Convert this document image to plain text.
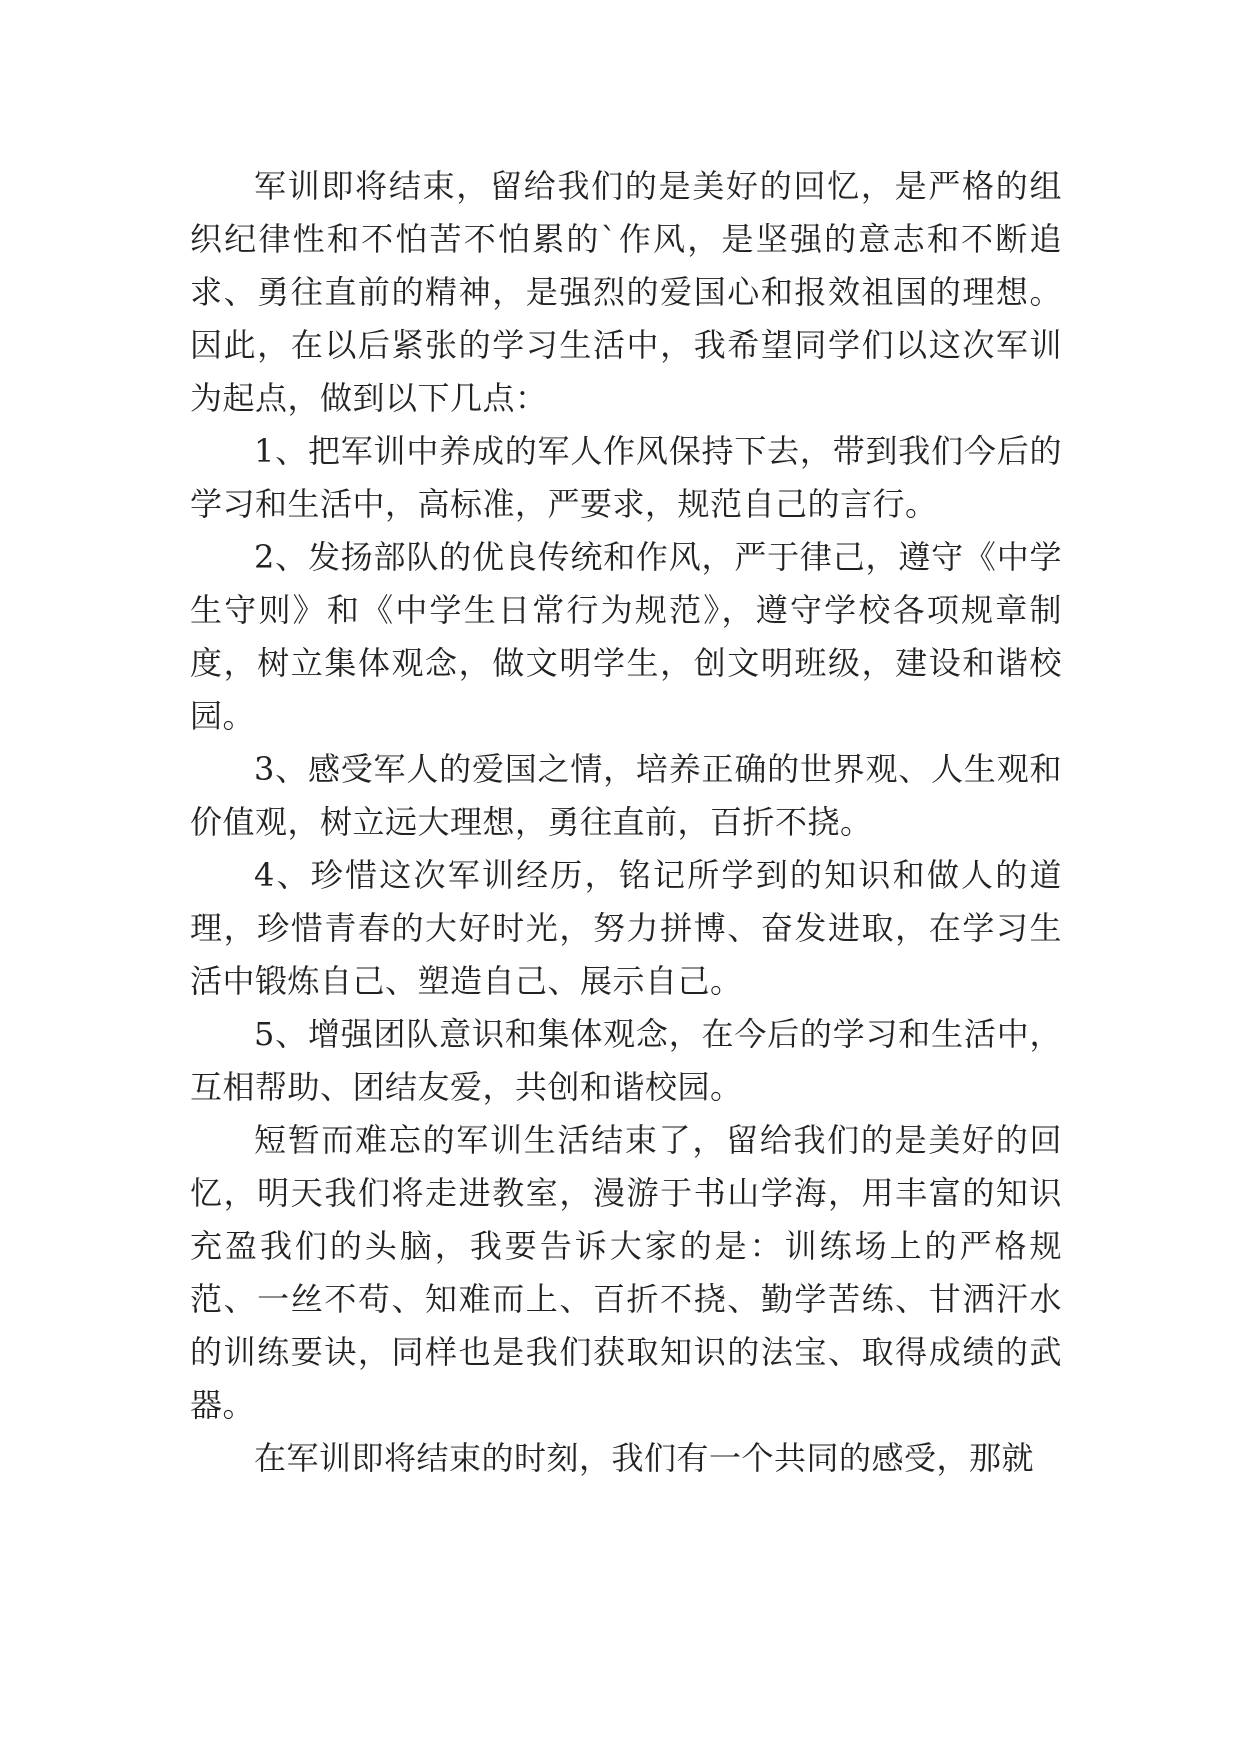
军训即将结束，留给我们的是美好的回忆，是严格的组织纪律性和不怕苦不怕累的`作风，是坚强的意志和不断追求、勇往直前的精神，是强烈的爱国心和报效祖国的理想。因此，在以后紧张的学习生活中，我希望同学们以这次军训为起点，做到以下几点：

1、把军训中养成的军人作风保持下去，带到我们今后的学习和生活中，高标准，严要求，规范自己的言行。

2、发扬部队的优良传统和作风，严于律己，遵守《中学生守则》和《中学生日常行为规范》，遵守学校各项规章制度，树立集体观念，做文明学生，创文明班级，建设和谐校园。

3、感受军人的爱国之情，培养正确的世界观、人生观和价值观，树立远大理想，勇往直前，百折不挠。

4、珍惜这次军训经历，铭记所学到的知识和做人的道理，珍惜青春的大好时光，努力拼博、奋发进取，在学习生活中锻炼自己、塑造自己、展示自己。

5、增强团队意识和集体观念，在今后的学习和生活中，互相帮助、团结友爱，共创和谐校园。

短暂而难忘的军训生活结束了，留给我们的是美好的回忆，明天我们将走进教室，漫游于书山学海，用丰富的知识充盈我们的头脑，我要告诉大家的是：训练场上的严格规范、一丝不苟、知难而上、百折不挠、勤学苦练、甘洒汗水的训练要诀，同样也是我们获取知识的法宝、取得成绩的武器。

在军训即将结束的时刻，我们有一个共同的感受，那就
